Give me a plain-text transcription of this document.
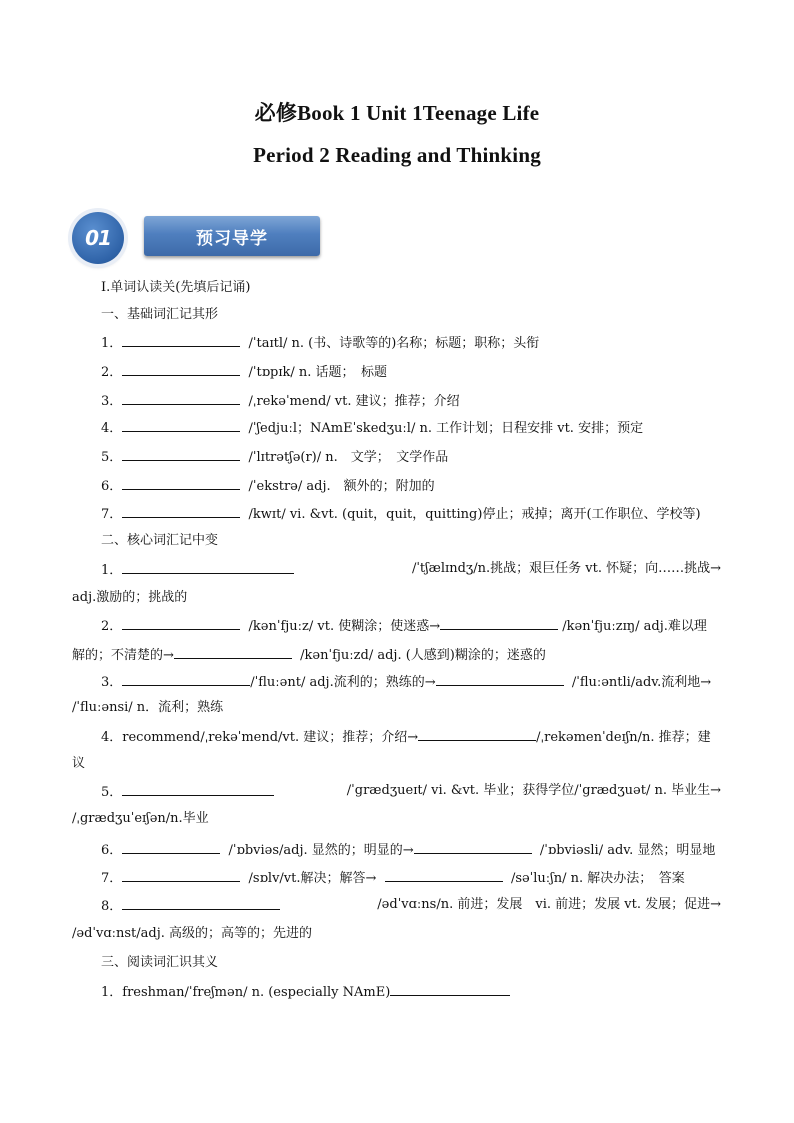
必修Book 1 Unit 1Teenage Life
Period 2 Reading and Thinking
01	预习导学
Ⅰ.单词认读关(先填后记诵)
一、基础词汇记其形
1．	/ˈtaɪtl/ n. (书、诗歌等的)名称；标题；职称；头衔
2．	/ˈtɒpɪk/ n. 话题；　标题
3．	/ˌrekəˈmend/ vt. 建议；推荐；介绍
4．	/ˈʃedjuːl；NAmEˈskedʒuːl/ n. 工作计划；日程安排 vt. 安排；预定
5．	/ˈlɪtrətʃə(r)/ n.　文学；　文学作品
6．	/ˈekstrə/ adj.　额外的；附加的
7．	/kwɪt/ vi. &vt. (quit，quit，quitting)停止；戒掉；离开(工作职位、学校等)
二、核心词汇记中变
1．	/ˈtʃælɪndʒ/n.挑战；艰巨任务 vt. 怀疑；向……挑战→
adj.激励的；挑战的
2．	/kənˈfjuːz/ vt. 使糊涂；使迷惑→	/kənˈfjuːzɪŋ/ adj.难以理
解的；不清楚的→	/kənˈfjuːzd/ adj. (人感到)糊涂的；迷惑的
3．	/ˈfluːənt/ adj.流利的；熟练的→	/ˈfluːəntli/adv.流利地→
/ˈfluːənsi/ n．流利；熟练
4．recommend/ˌrekəˈmend/vt. 建议；推荐；介绍→	/ˌrekəmenˈdeɪʃn/n. 推荐；建
议
5．	/ˈgrædʒueɪt/ vi. &vt. 毕业；获得学位/ˈgrædʒuət/ n. 毕业生→
/ˌgrædʒuˈeɪʃən/n.毕业
6．	/ˈɒbviəs/adj. 显然的；明显的→	/ˈɒbviəsli/ adv. 显然；明显地
7．	/sɒlv/vt.解决；解答→	/səˈluːʃn/ n. 解决办法；　答案
8．	/ədˈvɑːns/n. 前进；发展　vi. 前进；发展 vt. 发展；促进→
/ədˈvɑːnst/adj. 高级的；高等的；先进的
三、阅读词汇识其义
1．freshman/ˈfreʃmən/ n. (especially NAmE)
